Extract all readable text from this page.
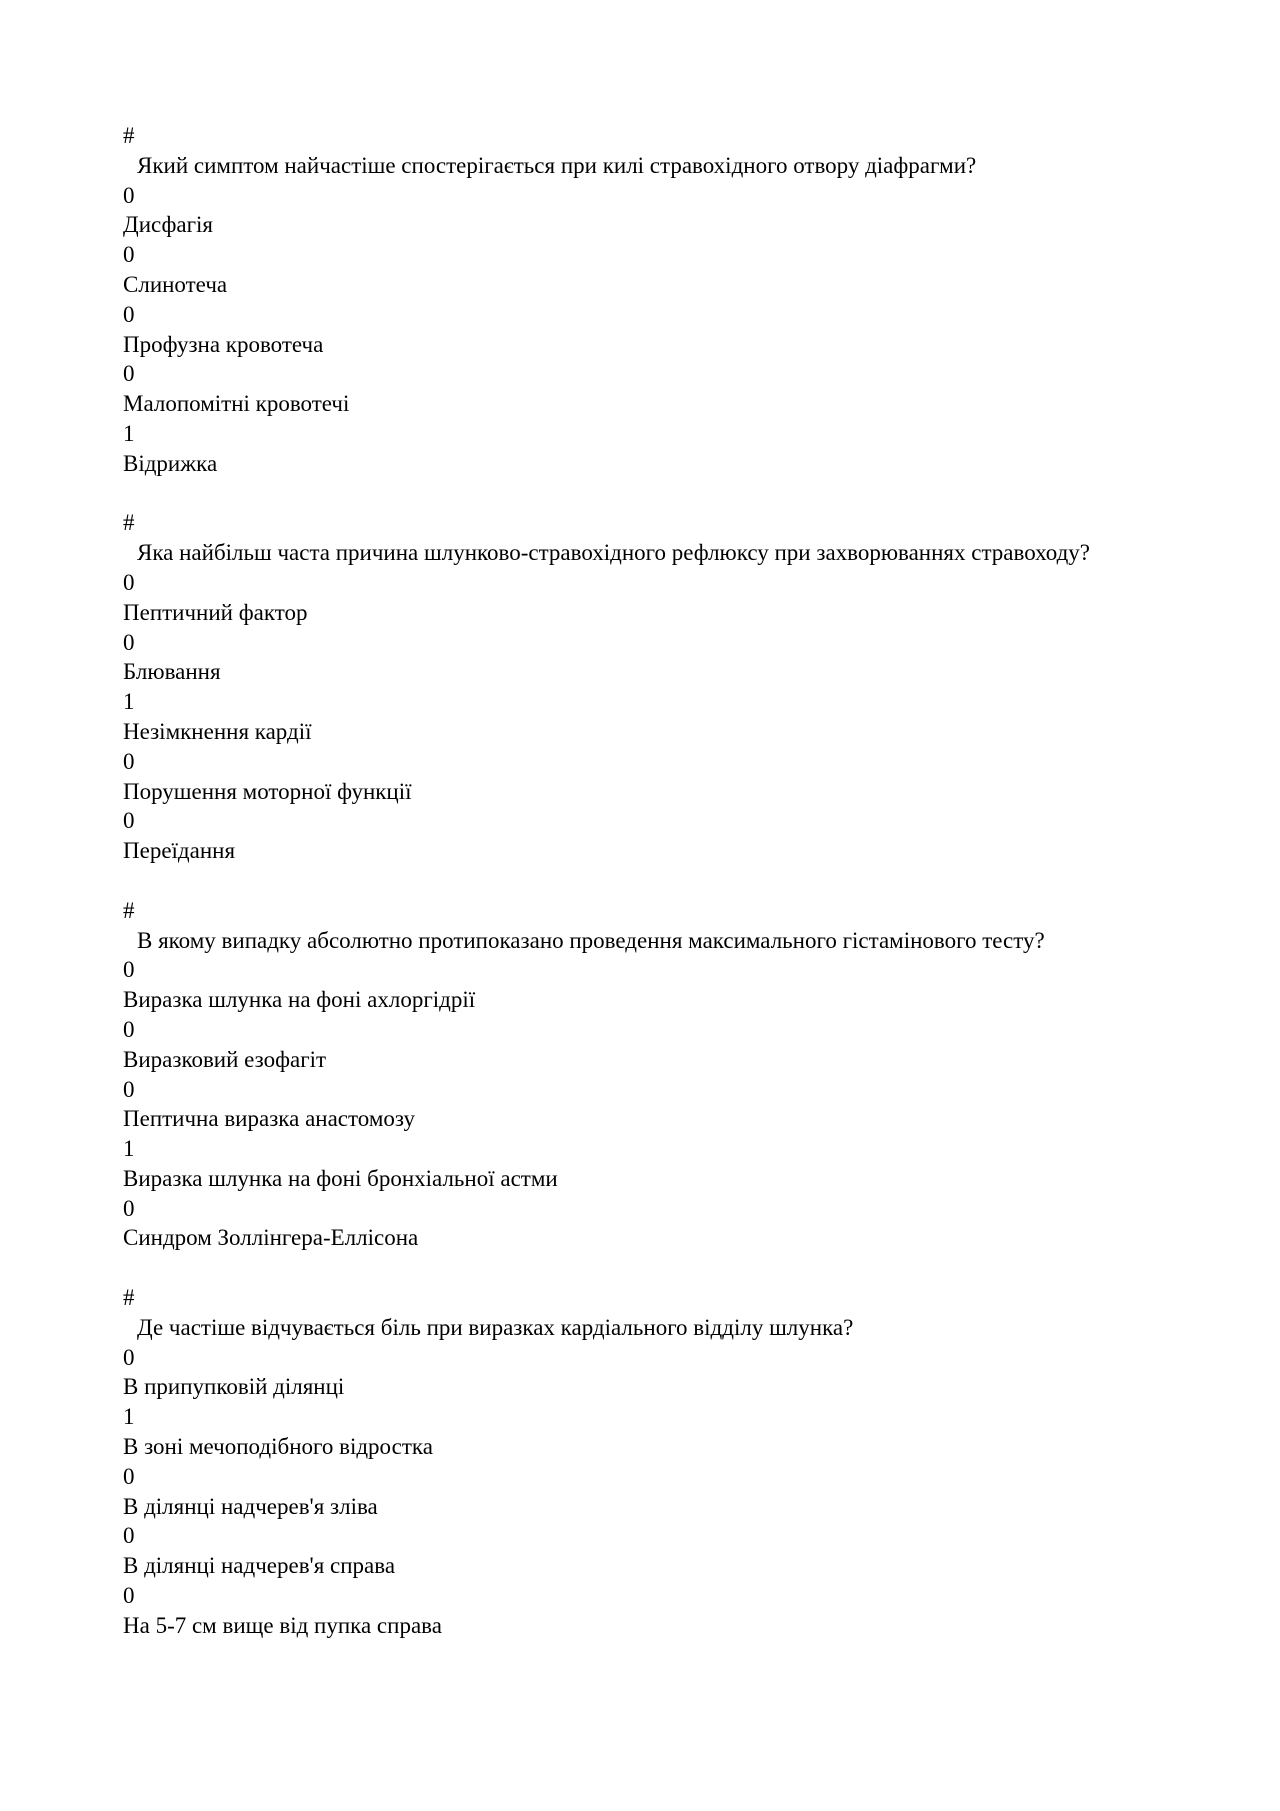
#
Який симптом найчастіше спостерігається при килі стравохідного отвору діафрагми?
0
Дисфагія
0
Слинотеча
0
Профузна кровотеча
0
Малопомітні кровотечі
1
Відрижка
#
Яка найбільш часта причина шлунково-стравохідного рефлюксу при захворюваннях стравоходу?
0
Пептичний фактор
0
Блювання
1
Незімкнення кардії
0
Порушення моторної функції
0
Переїдання
#
В якому випадку абсолютно протипоказано проведення максимального гістамінового тесту?
0
Виразка шлунка на фоні ахлоргідрії
0
Виразковий езофагіт
0
Пептична виразка анастомозу
1
Виразка шлунка на фоні бронхіальної астми
0
Синдром Золлінгера-Еллісона
#
Де частіше відчувається біль при виразках кардіального відділу шлунка?
0
В припупковій ділянці
1
В зоні мечоподібного відростка
0
В ділянці надчерев'я зліва
0
В ділянці надчерев'я справа
0
На 5-7 см вище від пупка справа
